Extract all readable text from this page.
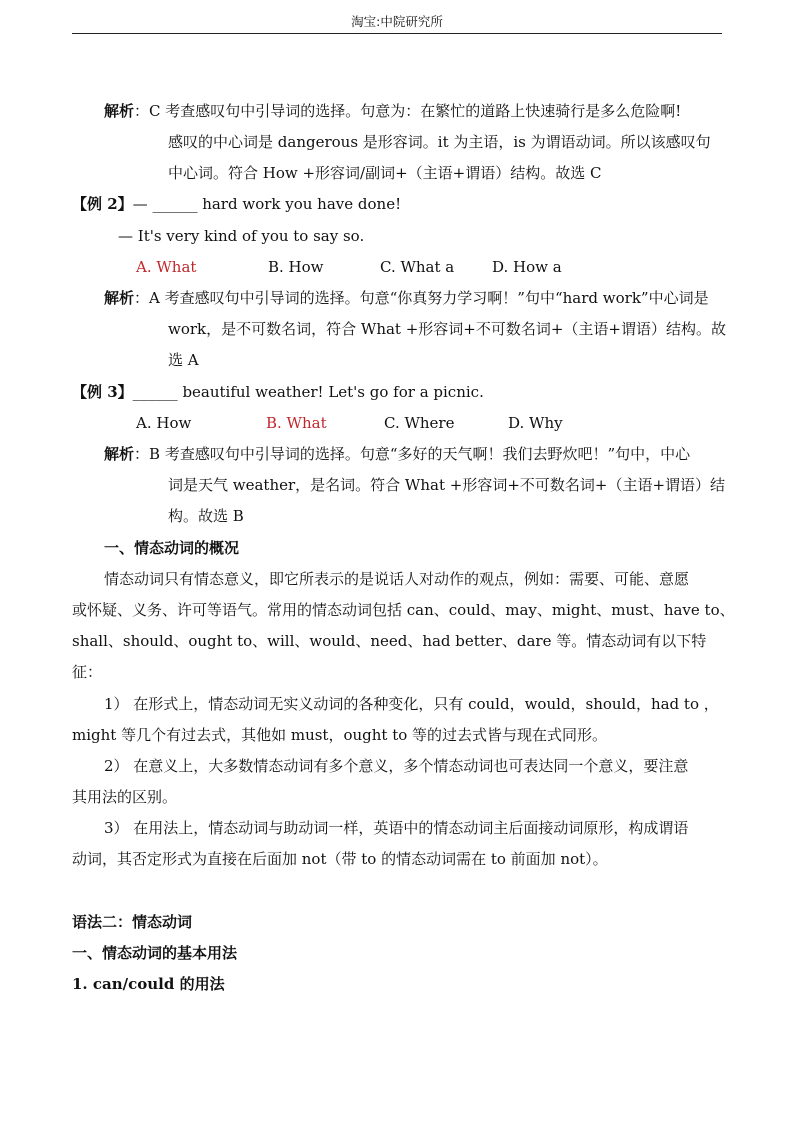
淘宝:中院研究所
解析：C 考查感叹句中引导词的选择。句意为：在繁忙的道路上快速骑行是多么危险啊!
感叹的中心词是 dangerous 是形容词。it 为主语，is 为谓语动词。所以该感叹句
中心词。符合 How +形容词/副词+（主语+谓语）结构。故选 C
【例 2】— ______ hard work you have done!
— It's very kind of you to say so.
A. What	B. How	C. What a	D. How a
解析：A 考查感叹句中引导词的选择。句意“你真努力学习啊！”句中“hard work”中心词是
work，是不可数名词，符合 What +形容词+不可数名词+（主语+谓语）结构。故
选 A
【例 3】______ beautiful weather! Let's go for a picnic.
A. How	B. What	C. Where	D. Why
解析：B 考查感叹句中引导词的选择。句意“多好的天气啊！我们去野炊吧！”句中，中心
词是天气 weather，是名词。符合 What +形容词+不可数名词+（主语+谓语）结
构。故选 B
一、情态动词的概况
情态动词只有情态意义，即它所表示的是说话人对动作的观点，例如：需要、可能、意愿
或怀疑、义务、许可等语气。常用的情态动词包括 can、could、may、might、must、have to、
shall、should、ought to、will、would、need、had better、dare 等。情态动词有以下特
征：
1） 在形式上，情态动词无实义动词的各种变化，只有 could，would，should，had to ，
might 等几个有过去式，其他如 must，ought to 等的过去式皆与现在式同形。
2） 在意义上，大多数情态动词有多个意义，多个情态动词也可表达同一个意义，要注意
其用法的区别。
3） 在用法上，情态动词与助动词一样，英语中的情态动词主后面接动词原形，构成谓语
动词，其否定形式为直接在后面加 not（带 to 的情态动词需在 to 前面加 not）。
语法二：情态动词
一、情态动词的基本用法
1. can/could 的用法
